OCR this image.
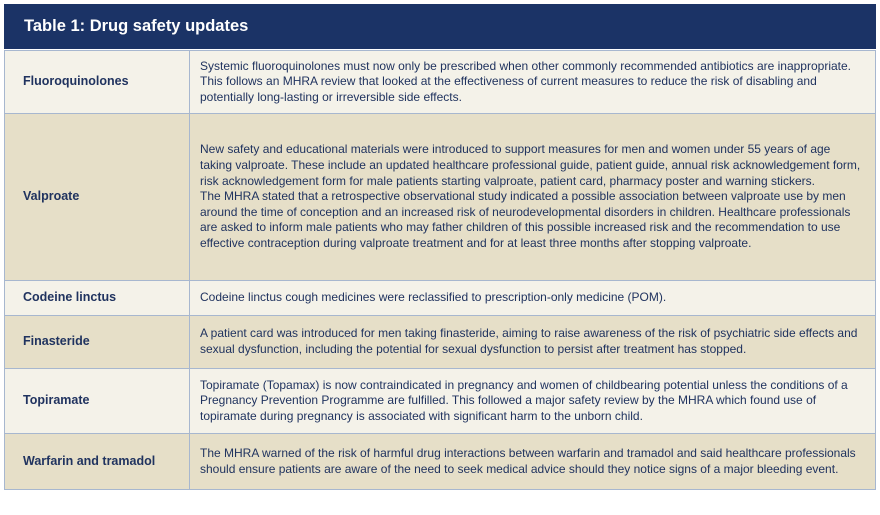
Table 1: Drug safety updates
Fluoroquinolones	Systemic fluoroquinolones must now only be prescribed when other commonly recommended antibiotics are inappropriate. This follows an MHRA review that looked at the effectiveness of current measures to reduce the risk of disabling and potentially long-lasting or irreversible side effects.

Valproate	New safety and educational materials were introduced to support measures for men and women under 55 years of age taking valproate. These include an updated healthcare professional guide, patient guide, annual risk acknowledgement form, risk acknowledgement form for male patients starting valproate, patient card, pharmacy poster and warning stickers.
The MHRA stated that a retrospective observational study indicated a possible association between valproate use by men around the time of conception and an increased risk of neurodevelopmental disorders in children. Healthcare professionals are asked to inform male patients who may father children of this possible increased risk and the recommendation to use effective contraception during valproate treatment and for at least three months after stopping valproate.

Codeine linctus	Codeine linctus cough medicines were reclassified to prescription-only medicine (POM).

Finasteride	A patient card was introduced for men taking finasteride, aiming to raise awareness of the risk of psychiatric side effects and sexual dysfunction, including the potential for sexual dysfunction to persist after treatment has stopped.

Topiramate	Topiramate (Topamax) is now contraindicated in pregnancy and women of childbearing potential unless the conditions of a Pregnancy Prevention Programme are fulfilled. This followed a major safety review by the MHRA which found use of topiramate during pregnancy is associated with significant harm to the unborn child.

Warfarin and tramadol	The MHRA warned of the risk of harmful drug interactions between warfarin and tramadol and said healthcare professionals should ensure patients are aware of the need to seek medical advice should they notice signs of a major bleeding event.
